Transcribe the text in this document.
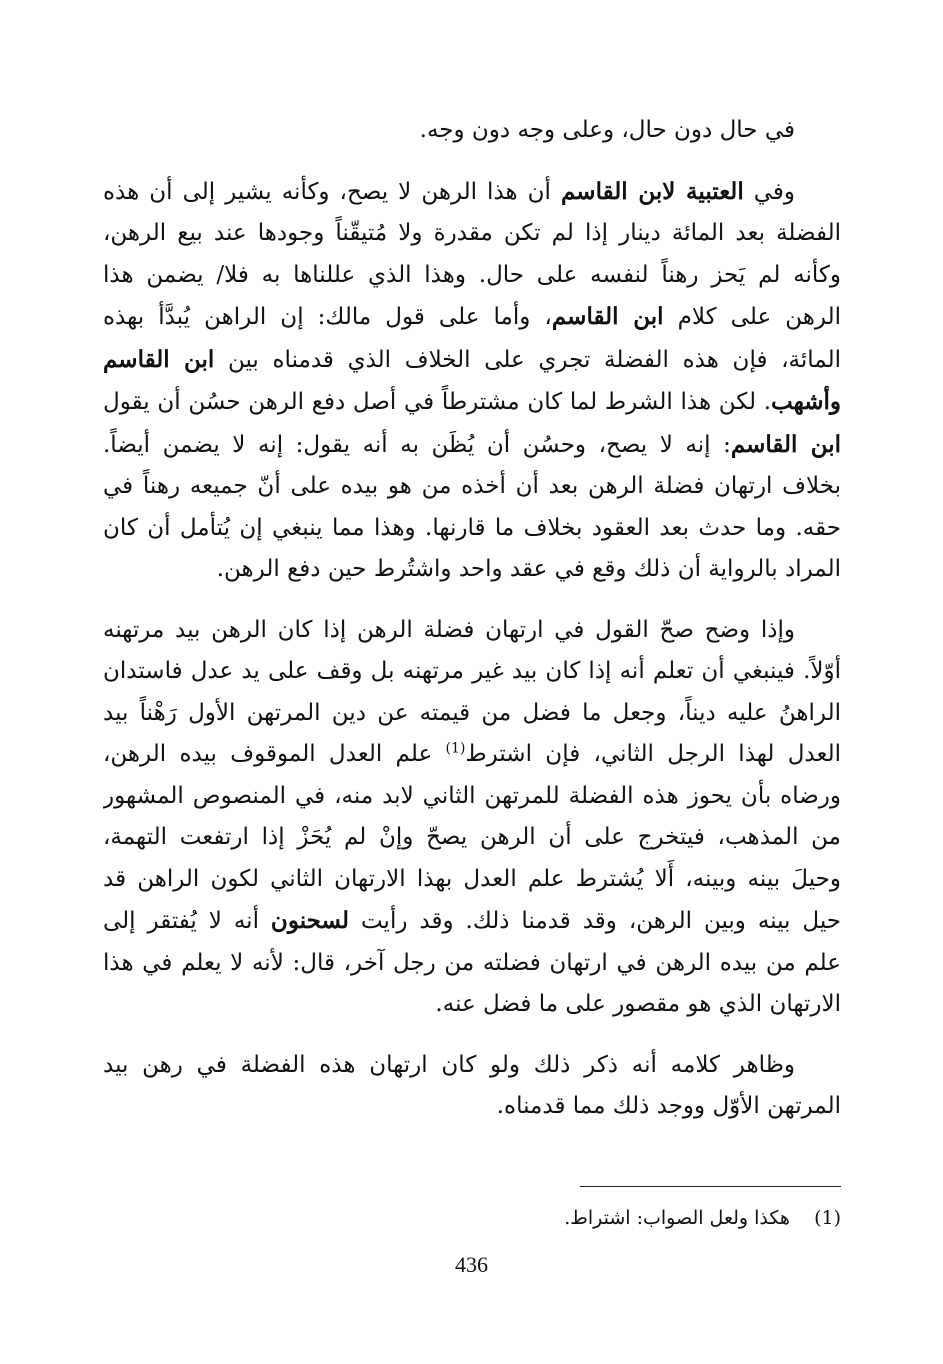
في حال دون حال، وعلى وجه دون وجه.
وفي العتبية لابن القاسم أن هذا الرهن لا يصح، وكأنه يشير إلى أن هذه
الفضلة بعد المائة دينار إذا لم تكن مقدرة ولا مُتيقّناً وجودها عند بيع الرهن،
وكأنه لم يَحز رهناً لنفسه على حال. وهذا الذي عللناها به فلا/ يضمن هذا
الرهن على كلام ابن القاسم، وأما على قول مالك: إن الراهن يُبدَّأ بهذه
المائة، فإن هذه الفضلة تجري على الخلاف الذي قدمناه بين ابن القاسم
وأشهب. لكن هذا الشرط لما كان مشترطاً في أصل دفع الرهن حسُن أن يقول
ابن القاسم: إنه لا يصح، وحسُن أن يُظَن به أنه يقول: إنه لا يضمن أيضاً.
بخلاف ارتهان فضلة الرهن بعد أن أخذه من هو بيده على أنّ جميعه رهناً في
حقه. وما حدث بعد العقود بخلاف ما قارنها. وهذا مما ينبغي إن يُتأمل أن كان
المراد بالرواية أن ذلك وقع في عقد واحد واشتُرط حين دفع الرهن.
وإذا وضح صحّ القول في ارتهان فضلة الرهن إذا كان الرهن بيد مرتهنه
أوّلاً. فينبغي أن تعلم أنه إذا كان بيد غير مرتهنه بل وقف على يد عدل فاستدان
الراهنُ عليه ديناً، وجعل ما فضل من قيمته عن دين المرتهن الأول رَهْناً بيد
العدل لهذا الرجل الثاني، فإن اشترط$^{(1)}$ علم العدل الموقوف بيده الرهن،
ورضاه بأن يحوز هذه الفضلة للمرتهن الثاني لابد منه، في المنصوص المشهور
من المذهب، فيتخرج على أن الرهن يصحّ وإنْ لم يُحَزْ إذا ارتفعت التهمة،
وحيلَ بينه وبينه، أَلا يُشترط علم العدل بهذا الارتهان الثاني لكون الراهن قد
حيل بينه وبين الرهن، وقد قدمنا ذلك. وقد رأيت لسحنون أنه لا يُفتقر إلى
علم من بيده الرهن في ارتهان فضلته من رجل آخر، قال: لأنه لا يعلم في هذا
الارتهان الذي هو مقصور على ما فضل عنه.
وظاهر كلامه أنه ذكر ذلك ولو كان ارتهان هذه الفضلة في رهن بيد
المرتهن الأوّل ووجد ذلك مما قدمناه.
(1)    هكذا ولعل الصواب: اشتراط.
436
